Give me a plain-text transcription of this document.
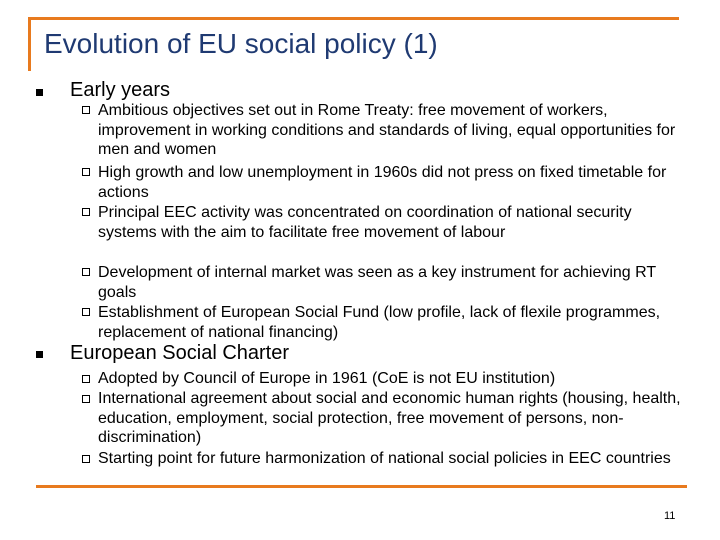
Evolution of EU social policy (1)
Early years
Ambitious objectives set out in Rome Treaty: free movement of workers, improvement in working conditions and standards of living, equal opportunities for men and women
High growth and low unemployment in 1960s did not press on fixed timetable for actions
Principal EEC activity was concentrated on coordination of national security systems with the aim to facilitate free movement of labour
Development of internal market was seen as a key instrument for achieving RT goals
Establishment of European Social Fund (low profile, lack of flexile programmes, replacement of national financing)
European Social Charter
Adopted by Council of Europe in 1961 (CoE is not EU institution)
International agreement about social and economic human rights (housing, health, education, employment, social protection, free movement of persons, non-discrimination)
Starting point for future harmonization of national social policies in EEC countries
11
